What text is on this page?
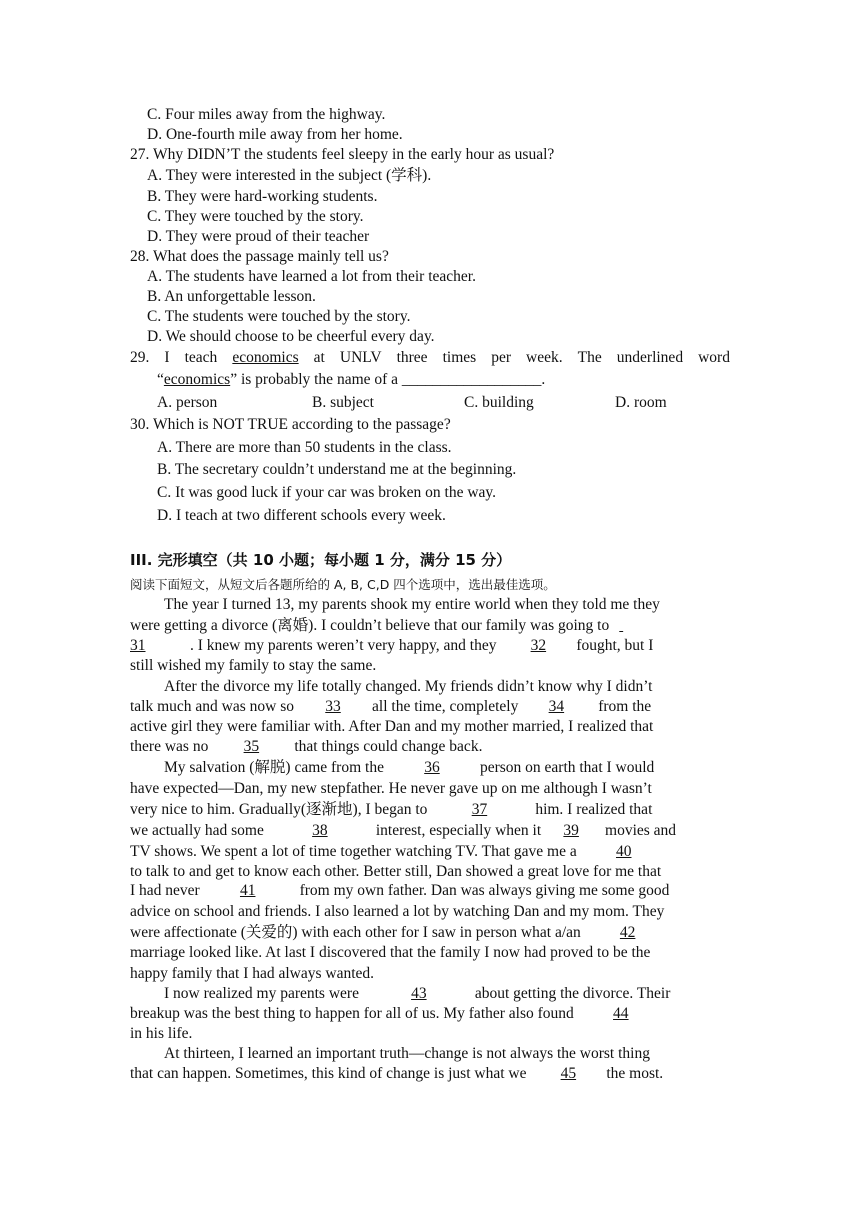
C. Four miles away from the highway.
D. One-fourth mile away from her home.
27. Why DIDN’T the students feel sleepy in the early hour as usual?
A. They were interested in the subject (学科).
B. They were hard-working students.
C. They were touched by the story.
D. They were proud of their teacher
28. What does the passage mainly tell us?
A. The students have learned a lot from their teacher.
B. An unforgettable lesson.
C. The students were touched by the story.
D. We should choose to be cheerful every day.
29. I teach economics at UNLV three times per week. The underlined word
“economics” is probably the name of a __________________.
A. person	B. subject	C. building	D. room
30. Which is NOT TRUE according to the passage?
A. There are more than 50 students in the class.
B. The secretary couldn’t understand me at the beginning.
C. It was good luck if your car was broken on the way.
D. I teach at two different schools every week.
III. 完形填空（共 10 小题；每小题 1 分，满分 15 分）
阅读下面短文，从短文后各题所给的 A, B, C,D 四个选项中，选出最佳选项。
The year I turned 13, my parents shook my entire world when they told me they
were getting a divorce (离婚). I couldn’t believe that our family was going to
31	. I knew my parents weren’t very happy, and they 32 fought, but I
still wished my family to stay the same.
After the divorce my life totally changed. My friends didn’t know why I didn’t
talk much and was now so 33 all the time, completely 34 from the
active girl they were familiar with. After Dan and my mother married, I realized that
there was no 35 that things could change back.
My salvation (解脱) came from the	36	person on earth that I would
have expected—Dan, my new stepfather. He never gave up on me although I wasn’t
very nice to him. Gradually(逐渐地), I began to	37	him. I realized that
we actually had some	38	interest, especially when it 39 movies and
TV shows. We spent a lot of time together watching TV. That gave me a	40
to talk to and get to know each other. Better still, Dan showed a great love for me that
I had never	41	from my own father. Dan was always giving me some good
advice on school and friends. I also learned a lot by watching Dan and my mom. They
were affectionate (关爱的) with each other for I saw in person what a/an 42
marriage looked like. At last I discovered that the family I now had proved to be the
happy family that I had always wanted.
I now realized my parents were	43	about getting the divorce. Their
breakup was the best thing to happen for all of us. My father also found	44
in his life.
At thirteen, I learned an important truth—change is not always the worst thing
that can happen. Sometimes, this kind of change is just what we 45 the most.
